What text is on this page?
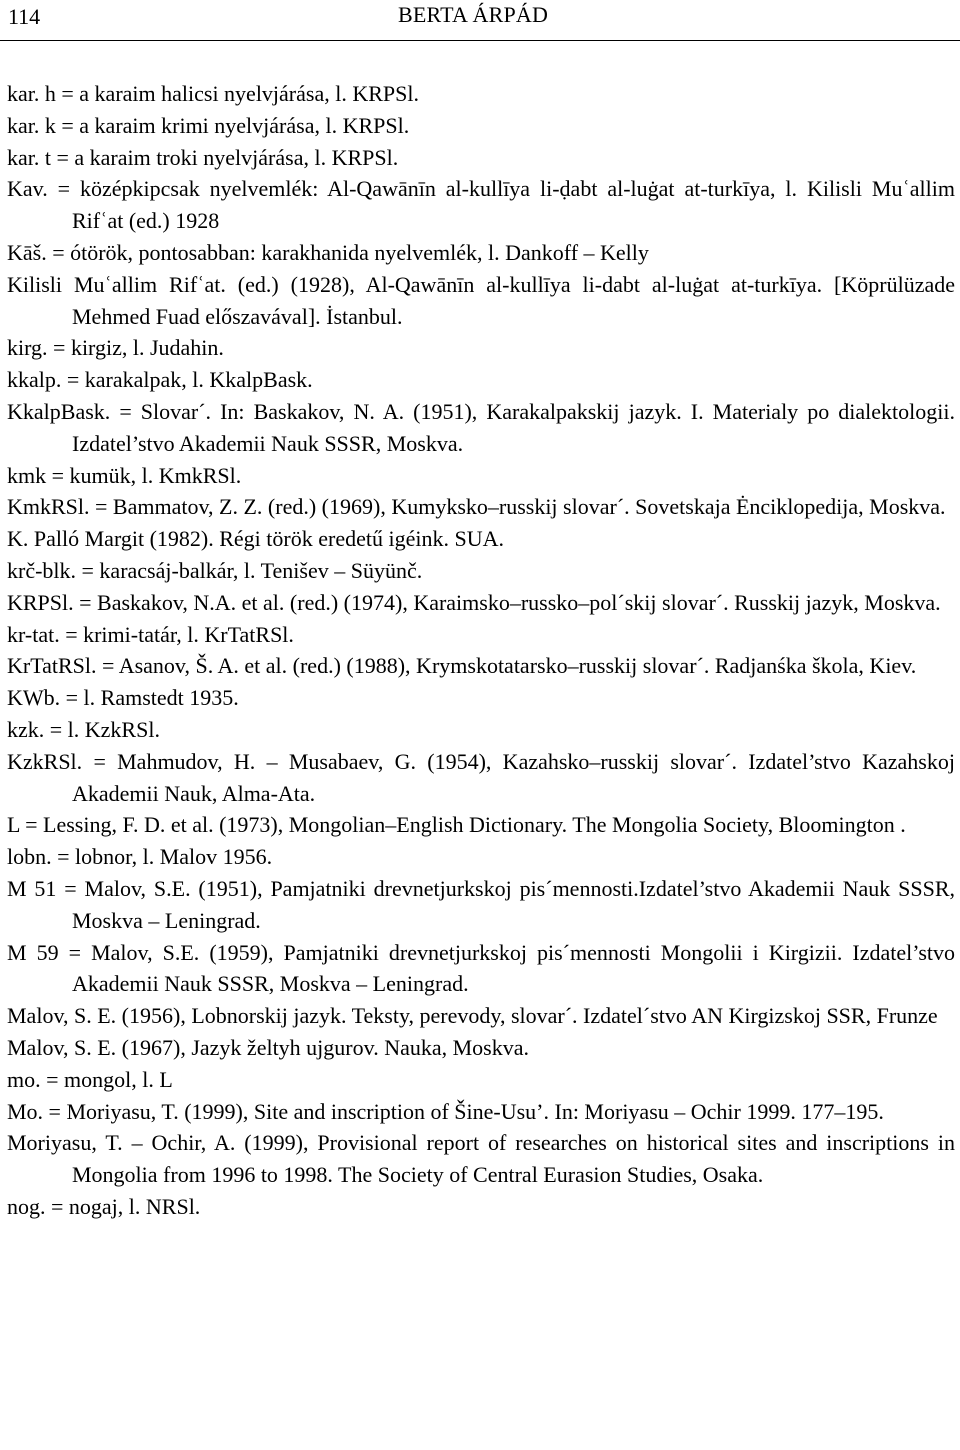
114	BERTA ÁRPÁD

kar. h = a karaim halicsi nyelvjárása, l. KRPSl.

kar. k = a karaim krimi nyelvjárása, l. KRPSl.

kar. t = a karaim troki nyelvjárása, l. KRPSl.

Kav. = középkipcsak nyelvemlék: Al-Qawānīn al-kullīya li-ḍabt al-luġat at-turkīya, l. Kilisli Muʿallim Rifʿat (ed.) 1928

Kāš. = ótörök, pontosabban: karakhanida nyelvemlék, l. Dankoff – Kelly

Kilisli Muʿallim Rifʿat. (ed.) (1928), Al-Qawānīn al-kullīya li-dabt al-luġat at-turkīya. [Köprülüzade Mehmed Fuad előszavával]. İstanbul.

kirg. = kirgiz, l. Judahin.

kkalp. = karakalpak, l. KkalpBask.

KkalpBask. = Slovar´. In: Baskakov, N. A. (1951), Karakalpakskij jazyk. I. Materialy po dialektologii. Izdatel’stvo Akademii Nauk SSSR, Moskva.

kmk = kumük, l. KmkRSl.

KmkRSl. = Bammatov, Z. Z. (red.) (1969), Kumyksko–russkij slovar´. Sovetskaja Ėnciklopedija, Moskva.

K. Palló Margit (1982). Régi török eredetű igéink. SUA.

krč-blk. = karacsáj-balkár, l. Tenišev – Süyünč.

KRPSl. = Baskakov, N.A. et al. (red.) (1974), Karaimsko–russko–pol´skij slovar´. Russkij jazyk, Moskva.

kr-tat. = krimi-tatár, l. KrTatRSl.

KrTatRSl. = Asanov, Š. A. et al. (red.) (1988), Krymskotatarsko–russkij slovar´. Radjanśka škola, Kiev.

KWb. = l. Ramstedt 1935.

kzk. = l. KzkRSl.

KzkRSl. = Mahmudov, H. – Musabaev, G. (1954), Kazahsko–russkij slovar´. Izdatel’stvo Kazahskoj Akademii Nauk, Alma-Ata.

L = Lessing, F. D. et al. (1973), Mongolian–English Dictionary. The Mongolia Society, Bloomington .

lobn. = lobnor, l. Malov 1956.

M 51 = Malov, S.E. (1951), Pamjatniki drevnetjurkskoj pis´mennosti.Izdatel’stvo Akademii Nauk SSSR, Moskva – Leningrad.

M 59 = Malov, S.E. (1959), Pamjatniki drevnetjurkskoj pis´mennosti Mongolii i Kirgizii. Izdatel’stvo Akademii Nauk SSSR, Moskva – Leningrad.

Malov, S. E. (1956), Lobnorskij jazyk. Teksty, perevody, slovar´. Izdatel´stvo AN Kirgizskoj SSR, Frunze

Malov, S. E. (1967), Jazyk želtyh ujgurov. Nauka, Moskva.

mo. = mongol, l. L

Mo. = Moriyasu, T. (1999), Site and inscription of Šine-Usu’. In: Moriyasu – Ochir 1999. 177–195.

Moriyasu, T. – Ochir, A. (1999), Provisional report of researches on historical sites and inscriptions in Mongolia from 1996 to 1998. The Society of Central Eurasion Studies, Osaka.

nog. = nogaj, l. NRSl.
